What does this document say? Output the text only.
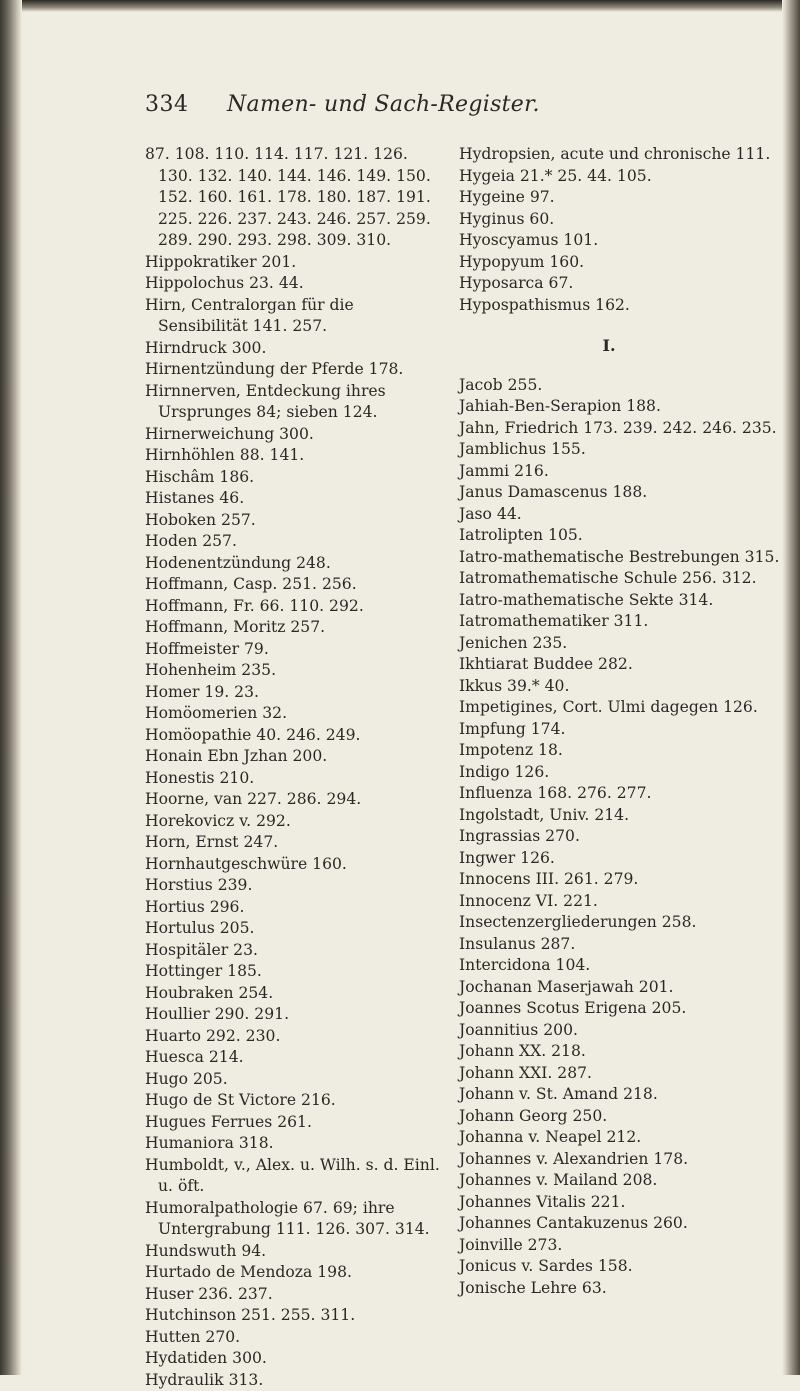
334 Namen- und Sach-Register.
87. 108. 110. 114. 117. 121. 126. 130. 132. 140. 144. 146. 149. 150. 152. 160. 161. 178. 180. 187. 191. 225. 226. 237. 243. 246. 257. 259. 289. 290. 293. 298. 309. 310.
Hippokratiker 201.
Hippolochus 23. 44.
Hirn, Centralorgan für die Sensibilität 141. 257.
Hirndruck 300.
Hirnentzündung der Pferde 178.
Hirnnerven, Entdeckung ihres Ursprunges 84; sieben 124.
Hirnerweichung 300.
Hirnhöhlen 88. 141.
Hischâm 186.
Histanes 46.
Hoboken 257.
Hoden 257.
Hodenentzündung 248.
Hoffmann, Casp. 251. 256.
Hoffmann, Fr. 66. 110. 292.
Hoffmann, Moritz 257.
Hoffmeister 79.
Hohenheim 235.
Homer 19. 23.
Homöomerien 32.
Homöopathie 40. 246. 249.
Honain Ebn Jzhan 200.
Honestis 210.
Hoorne, van 227. 286. 294.
Horekovicz v. 292.
Horn, Ernst 247.
Hornhautgeschwüre 160.
Horstius 239.
Hortius 296.
Hortulus 205.
Hospitäler 23.
Hottinger 185.
Houbraken 254.
Houllier 290. 291.
Huarto 292. 230.
Huesca 214.
Hugo 205.
Hugo de St Victore 216.
Hugues Ferrues 261.
Humaniora 318.
Humboldt, v., Alex. u. Wilh. s. d. Einl. u. öft.
Humoralpathologie 67. 69; ihre Untergrabung 111. 126. 307. 314.
Hundswuth 94.
Hurtado de Mendoza 198.
Huser 236. 237.
Hutchinson 251. 255. 311.
Hutten 270.
Hydatiden 300.
Hydraulik 313.
Hydropsien, acute und chronische 111.
Hygeia 21.* 25. 44. 105.
Hygeine 97.
Hyginus 60.
Hyoscyamus 101.
Hypopyum 160.
Hyposarca 67.
Hypospathismus 162.
I.
Jacob 255.
Jahiah-Ben-Serapion 188.
Jahn, Friedrich 173. 239. 242. 246. 235.
Jamblichus 155.
Jammi 216.
Janus Damascenus 188.
Jaso 44.
Iatrolipten 105.
Iatro-mathematische Bestrebungen 315.
Iatromathematische Schule 256. 312.
Iatro-mathematische Sekte 314.
Iatromathematiker 311.
Jenichen 235.
Ikhtiarat Buddee 282.
Ikkus 39.* 40.
Impetigines, Cort. Ulmi dagegen 126.
Impfung 174.
Impotenz 18.
Indigo 126.
Influenza 168. 276. 277.
Ingolstadt, Univ. 214.
Ingrassias 270.
Ingwer 126.
Innocens III. 261. 279.
Innocenz VI. 221.
Insectenzergliederungen 258.
Insulanus 287.
Intercidona 104.
Jochanan Maserjawah 201.
Joannes Scotus Erigena 205.
Joannitius 200.
Johann XX. 218.
Johann XXI. 287.
Johann v. St. Amand 218.
Johann Georg 250.
Johanna v. Neapel 212.
Johannes v. Alexandrien 178.
Johannes v. Mailand 208.
Johannes Vitalis 221.
Johannes Cantakuzenus 260.
Joinville 273.
Jonicus v. Sardes 158.
Jonische Lehre 63.
